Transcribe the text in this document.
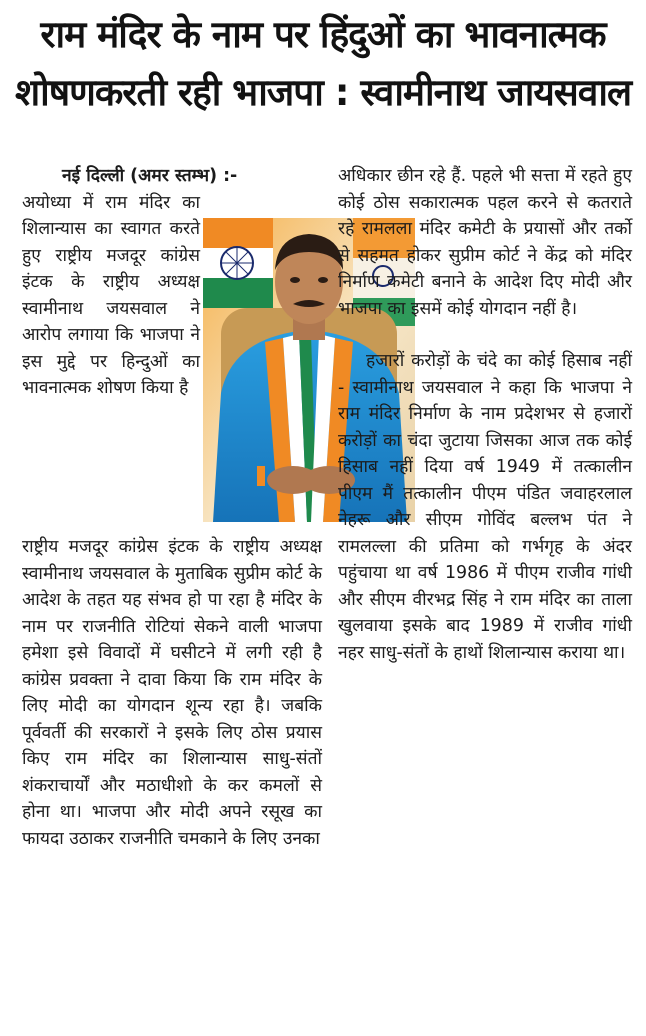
राम मंदिर के नाम पर हिंदुओं का भावनात्मक
शोषणकरती रही भाजपा : स्वामीनाथ जायसवाल

नई दिल्ली (अमर स्तम्भ) :-

अयोध्या में राम मंदिर का शिलान्यास का स्वागत करते हुए राष्ट्रीय मजदूर कांग्रेस इंटक के राष्ट्रीय अध्यक्ष स्वामीनाथ जयसवाल ने आरोप लगाया कि भाजपा ने इस मुद्दे पर हिन्दुओं का भावनात्मक शोषण किया है

राष्ट्रीय मजदूर कांग्रेस इंटक के राष्ट्रीय अध्यक्ष स्वामीनाथ जयसवाल के मुताबिक सुप्रीम कोर्ट के आदेश के तहत यह संभव हो पा रहा है मंदिर के नाम पर राजनीति रोटियां सेकने वाली भाजपा हमेशा इसे विवादों में घसीटने में लगी रही है कांग्रेस प्रवक्ता ने दावा किया कि राम मंदिर के लिए मोदी का योगदान शून्य रहा है। जबकि पूर्ववर्ती की सरकारों ने इसके लिए ठोस प्रयास किए राम मंदिर का शिलान्यास साधु-संतों शंकराचार्यों और मठाधीशो के कर कमलों से होना था। भाजपा और मोदी अपने रसूख का फायदा उठाकर राजनीति चमकाने के लिए उनका

अधिकार छीन रहे हैं. पहले भी सत्ता में रहते हुए कोई ठोस सकारात्मक पहल करने से कतराते रहे रामलला मंदिर कमेटी के प्रयासों और तर्को से सहमत होकर सुप्रीम कोर्ट ने केंद्र को मंदिर निर्माण कमेटी बनाने के आदेश दिए मोदी और भाजपा का इसमें कोई योगदान नहीं है।

हजारों करोड़ों के चंदे का कोई हिसाब नहीं - स्वामीनाथ जयसवाल ने कहा कि भाजपा ने राम मंदिर निर्माण के नाम प्रदेशभर से हजारों करोड़ों का चंदा जुटाया जिसका आज तक कोई हिसाब नहीं दिया वर्ष 1949 में तत्कालीन पीएम मैं तत्कालीन पीएम पंडित जवाहरलाल नेहरू और सीएम गोविंद बल्लभ पंत ने रामलल्ला की प्रतिमा को गर्भगृह के अंदर पहुंचाया था वर्ष 1986 में पीएम राजीव गांधी और सीएम वीरभद्र सिंह ने राम मंदिर का ताला खुलवाया इसके बाद 1989 में राजीव गांधी नहर साधु-संतों के हाथों शिलान्यास कराया था।
